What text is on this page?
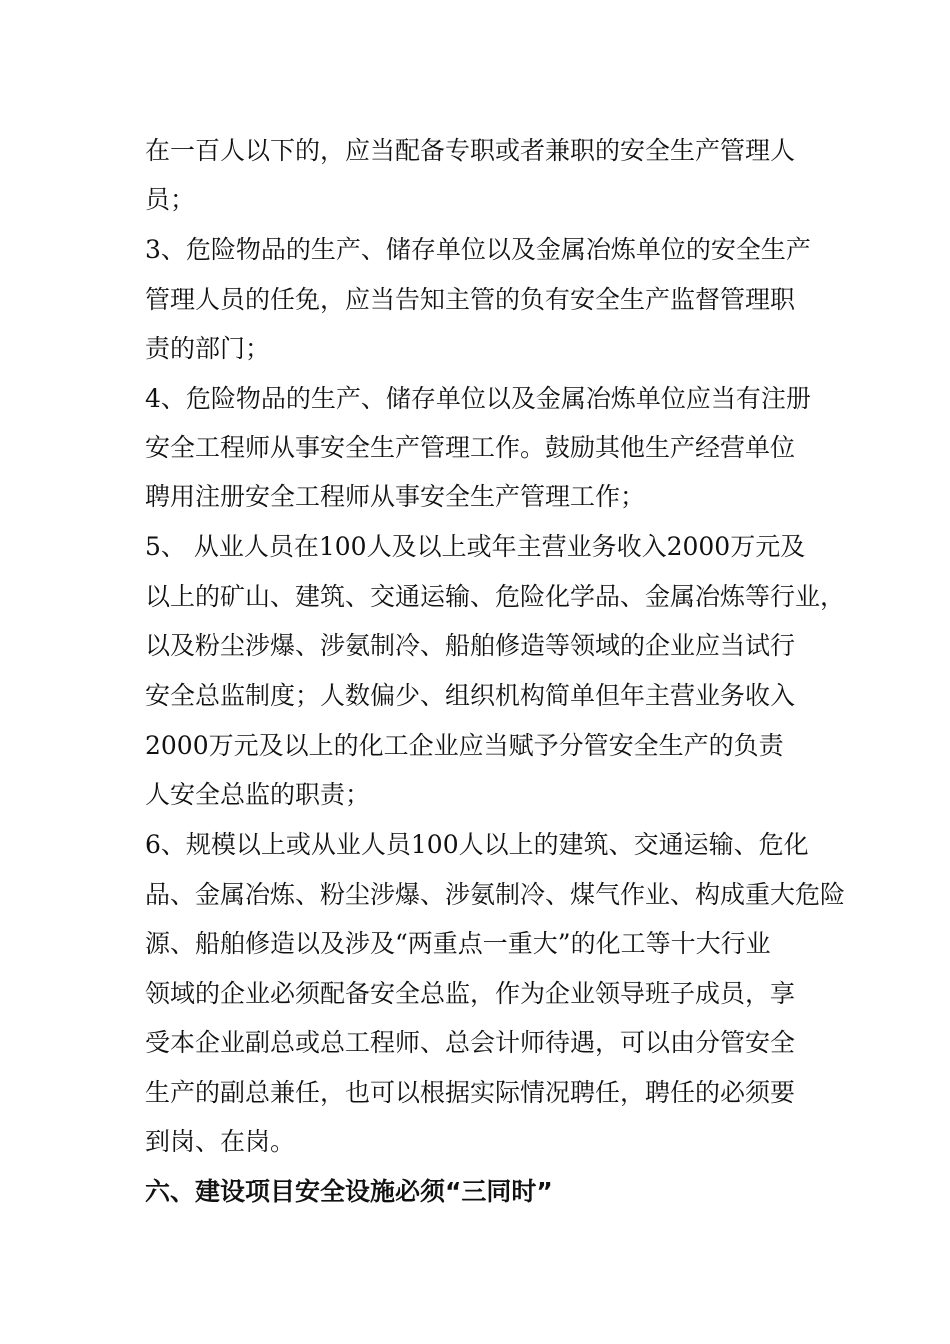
在一百人以下的，应当配备专职或者兼职的安全生产管理人
员；
3、危险物品的生产、储存单位以及金属冶炼单位的安全生产
管理人员的任免，应当告知主管的负有安全生产监督管理职
责的部门；
4、危险物品的生产、储存单位以及金属冶炼单位应当有注册
安全工程师从事安全生产管理工作。鼓励其他生产经营单位
聘用注册安全工程师从事安全生产管理工作；
5、 从业人员在100人及以上或年主营业务收入2000万元及
以上的矿山、建筑、交通运输、危险化学品、金属冶炼等行业，
以及粉尘涉爆、涉氨制冷、船舶修造等领域的企业应当试行
安全总监制度；人数偏少、组织机构简单但年主营业务收入
2000万元及以上的化工企业应当赋予分管安全生产的负责
人安全总监的职责；
6、规模以上或从业人员100人以上的建筑、交通运输、危化
品、金属冶炼、粉尘涉爆、涉氨制冷、煤气作业、构成重大危险
源、船舶修造以及涉及“两重点一重大”的化工等十大行业
领域的企业必须配备安全总监，作为企业领导班子成员，享
受本企业副总或总工程师、总会计师待遇，可以由分管安全
生产的副总兼任，也可以根据实际情况聘任，聘任的必须要
到岗、在岗。
六、建设项目安全设施必须“三同时”
